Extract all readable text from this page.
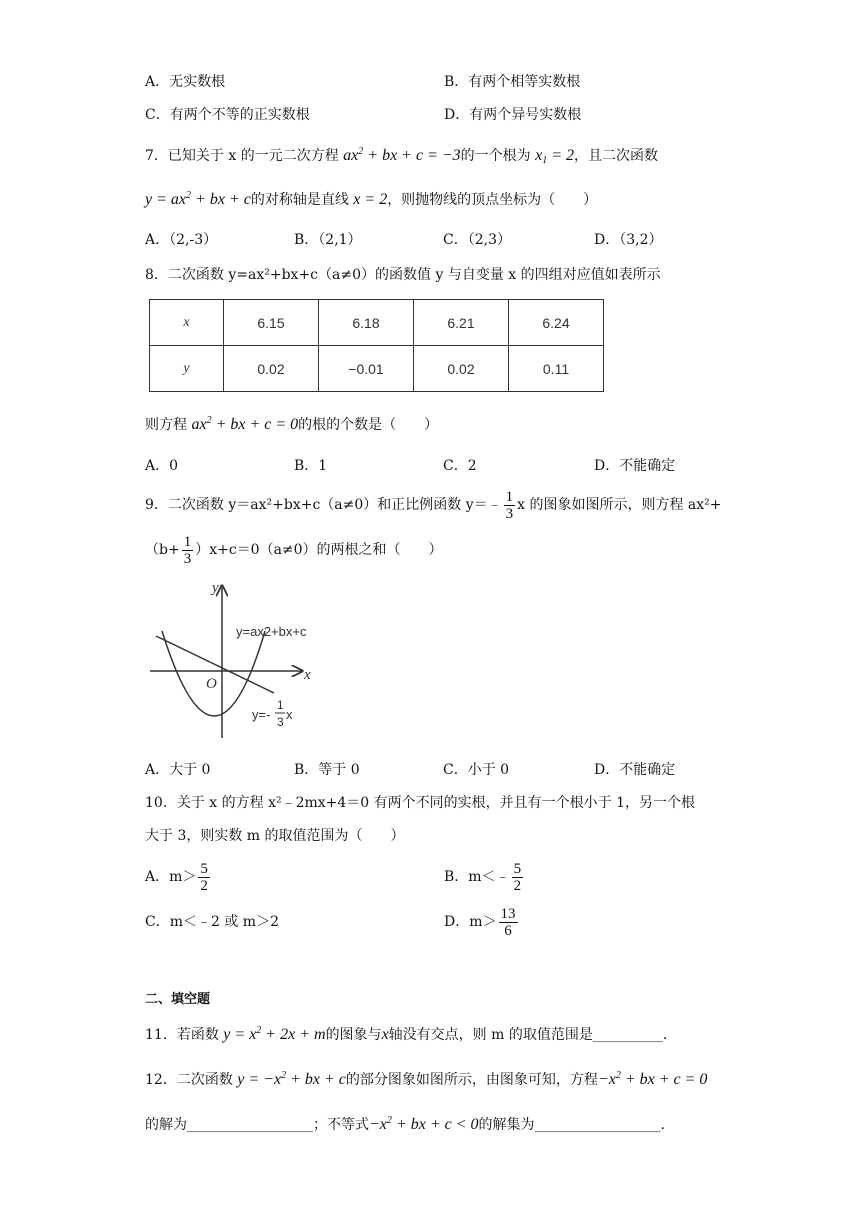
A．无实数根	B．有两个相等实数根
C．有两个不等的正实数根	D．有两个异号实数根
7．已知关于 x 的一元二次方程 $ax^2$ + bx + c = −3的一个根为 $x_1 = 2$，且二次函数
$y = ax^2$ + bx + c的对称轴是直线 x = 2，则抛物线的顶点坐标为（　　）
A．（2,-3）	B．（2,1）	C．（2,3）	D．（3,2）
8．二次函数 y=ax²+bx+c（a≠0）的函数值 y 与自变量 x 的四组对应值如表所示
x	6.15	6.18	6.21	6.24
y	0.02	−0.01	0.02	0.11
则方程 $ax^2$ + bx + c = 0的根的个数是（　　）
A．0	B．1	C．2	D．不能确定
9．二次函数 y＝ax²+bx+c（a≠0）和正比例函数 y＝﹣ $\frac{1}{3}$ x 的图象如图所示，则方程 ax²+
$(b+ \frac{1}{3} )x+c=0(a\ne 0)$的两根之和（　　）
y
x
O
y=ax2+bx+c
y=-
1
3 x
A．大于 0	B．等于 0	C．小于 0	D．不能确定
10．关于 x 的方程 x²﹣2mx+4＝0 有两个不同的实根，并且有一个根小于 1，另一个根
大于 3，则实数 m 的取值范围为（　　）
A．$m> \frac{5}{2}$	B．m＜﹣ $\frac{5}{2}$
C．m＜﹣2 或 m＞2	D．$m> \frac{13}{6}$
二、填空题
11．若函数 $y = x^2 + 2x + m$的图象与x轴没有交点，则 m 的取值范围是__________.
12．二次函数 $y = -x^2$ + bx + c的部分图象如图所示，由图象可知，方程$-x^2$ + bx + c = 0
的解为__________________；不等式$-x^2$ + bx + c < 0的解集为__________________.
